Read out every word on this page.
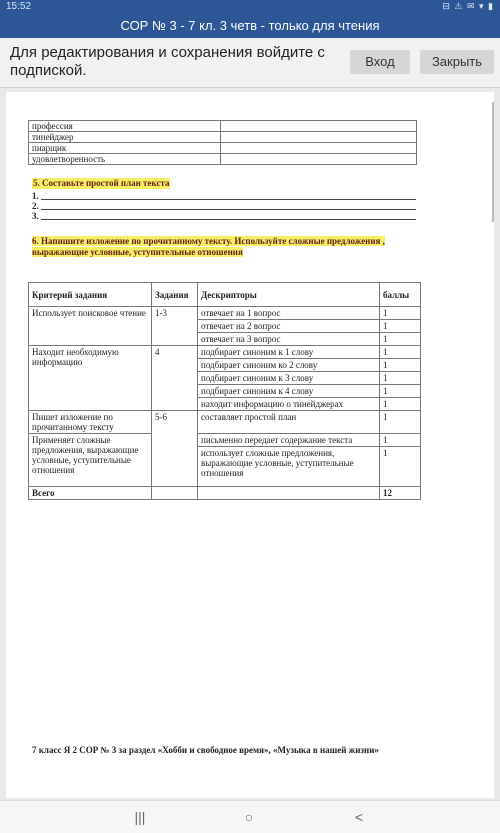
15:52	⊟ ⚠ ✉ ▾ ▮
СОР № 3 - 7 кл. 3 четв - только для чтения
Для редактирования и сохранения войдите с подпиской.
Вход	Закрыть
профессия	
тинейджер	
пиарщик	
удовлетворенность	
5. Составьте простой план текста
1.
2.
3.
6. Напишите изложение по прочитанному тексту. Используйте сложные предложения , выражающие условные, уступительные отношения
Критерий задания	Задания	Дескрипторы	баллы
Использует поисковое чтение	1-3	отвечает на 1 вопрос	1
		отвечает на 2 вопрос	1
		отвечает на 3 вопрос	1
Находит необходимую информацию	4	подбирает синоним к 1 слову	1
		подбирает синоним ко 2 слову	1
		подбирает синоним к 3 слову	1
		подбирает синоним к 4 слову	1
		находит информацию о тинейджерах	1
Пишет изложение по прочитанному тексту	5-6	составляет простой план	1
Применяет сложные предложения, выражающие условные, уступительные отношения		письменно передает содержание текста	1
		использует сложные предложения, выражающие условные, уступительные отношения	1
Всего			12
7 класс Я 2 СОР № 3 за раздел «Хобби и свободное время», «Музыка в нашей жизни»
|||	○	<
